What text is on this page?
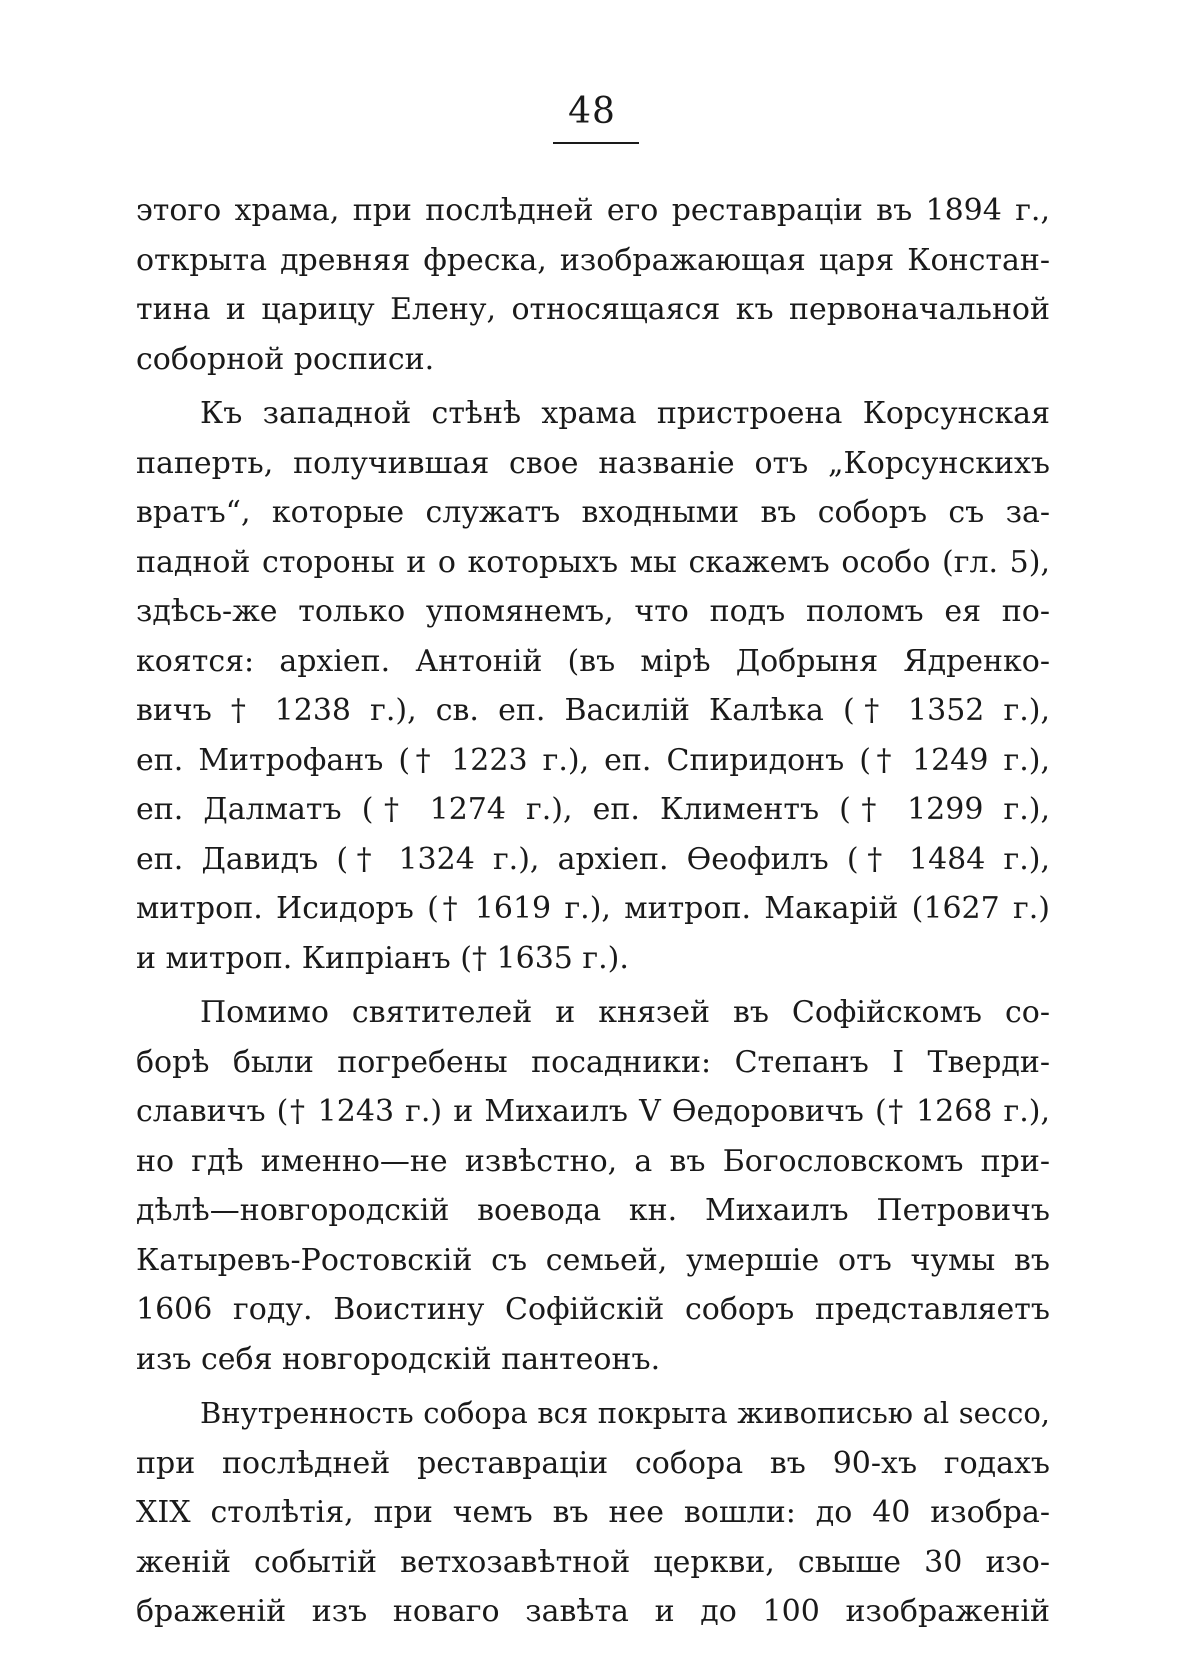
48
этого храма, при послѣдней его реставраціи въ 1894 г.,
открыта древняя фреска, изображающая царя Констан-
тина и царицу Елену, относящаяся къ первоначальной
соборной росписи.
Къ западной стѣнѣ храма пристроена Корсунская
паперть, получившая свое названіе отъ „Корсунскихъ
вратъ“, которые служатъ входными въ соборъ съ за-
падной стороны и о которыхъ мы скажемъ особо (гл. 5),
здѣсь-же только упомянемъ, что подъ поломъ ея по-
коятся: архіеп. Антоній (въ мірѣ Добрыня Ядренко-
вичъ † 1238 г.), св. еп. Василій Калѣка († 1352 г.),
еп. Митрофанъ († 1223 г.), еп. Спиридонъ († 1249 г.),
еп. Далматъ († 1274 г.), еп. Климентъ († 1299 г.),
еп. Давидъ († 1324 г.), архіеп. Өеофилъ († 1484 г.),
митроп. Исидоръ († 1619 г.), митроп. Макарій (1627 г.)
и митроп. Кипріанъ († 1635 г.).
Помимо святителей и князей въ Софійскомъ со-
борѣ были погребены посадники: Степанъ I Тверди-
славичъ († 1243 г.) и Михаилъ V Өедоровичъ († 1268 г.),
но гдѣ именно—не извѣстно, а въ Богословскомъ при-
дѣлѣ—новгородскій воевода кн. Михаилъ Петровичъ
Катыревъ-Ростовскій съ семьей, умершіе отъ чумы въ
1606 году. Воистину Софійскій соборъ представляетъ
изъ себя новгородскій пантеонъ.
Внутренность собора вся покрыта живописью al secco,
при послѣдней реставраціи собора въ 90-хъ годахъ
XIX столѣтія, при чемъ въ нее вошли: до 40 изобра-
женій событій ветхозавѣтной церкви, свыше 30 изо-
браженій изъ новаго завѣта и до 100 изображеній
